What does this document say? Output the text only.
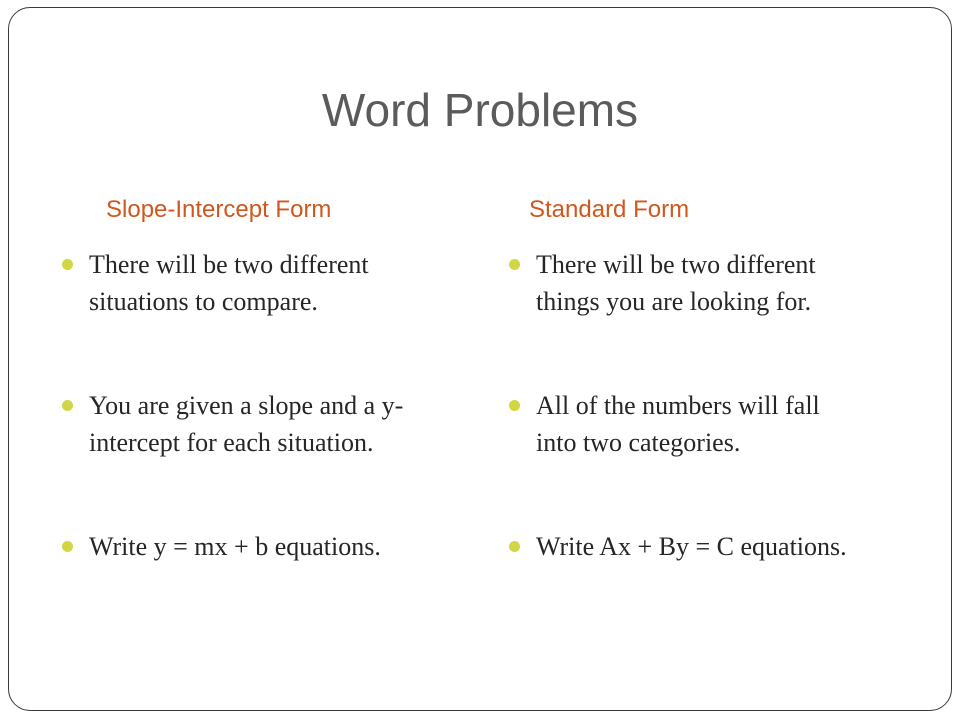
Word Problems
Slope-Intercept Form	Standard Form
There will be two different
situations to compare.
You are given a slope and a y-
intercept for each situation.
Write y = mx + b equations.
There will be two different
things you are looking for.
All of the numbers will fall
into two categories.
Write Ax + By = C equations.
